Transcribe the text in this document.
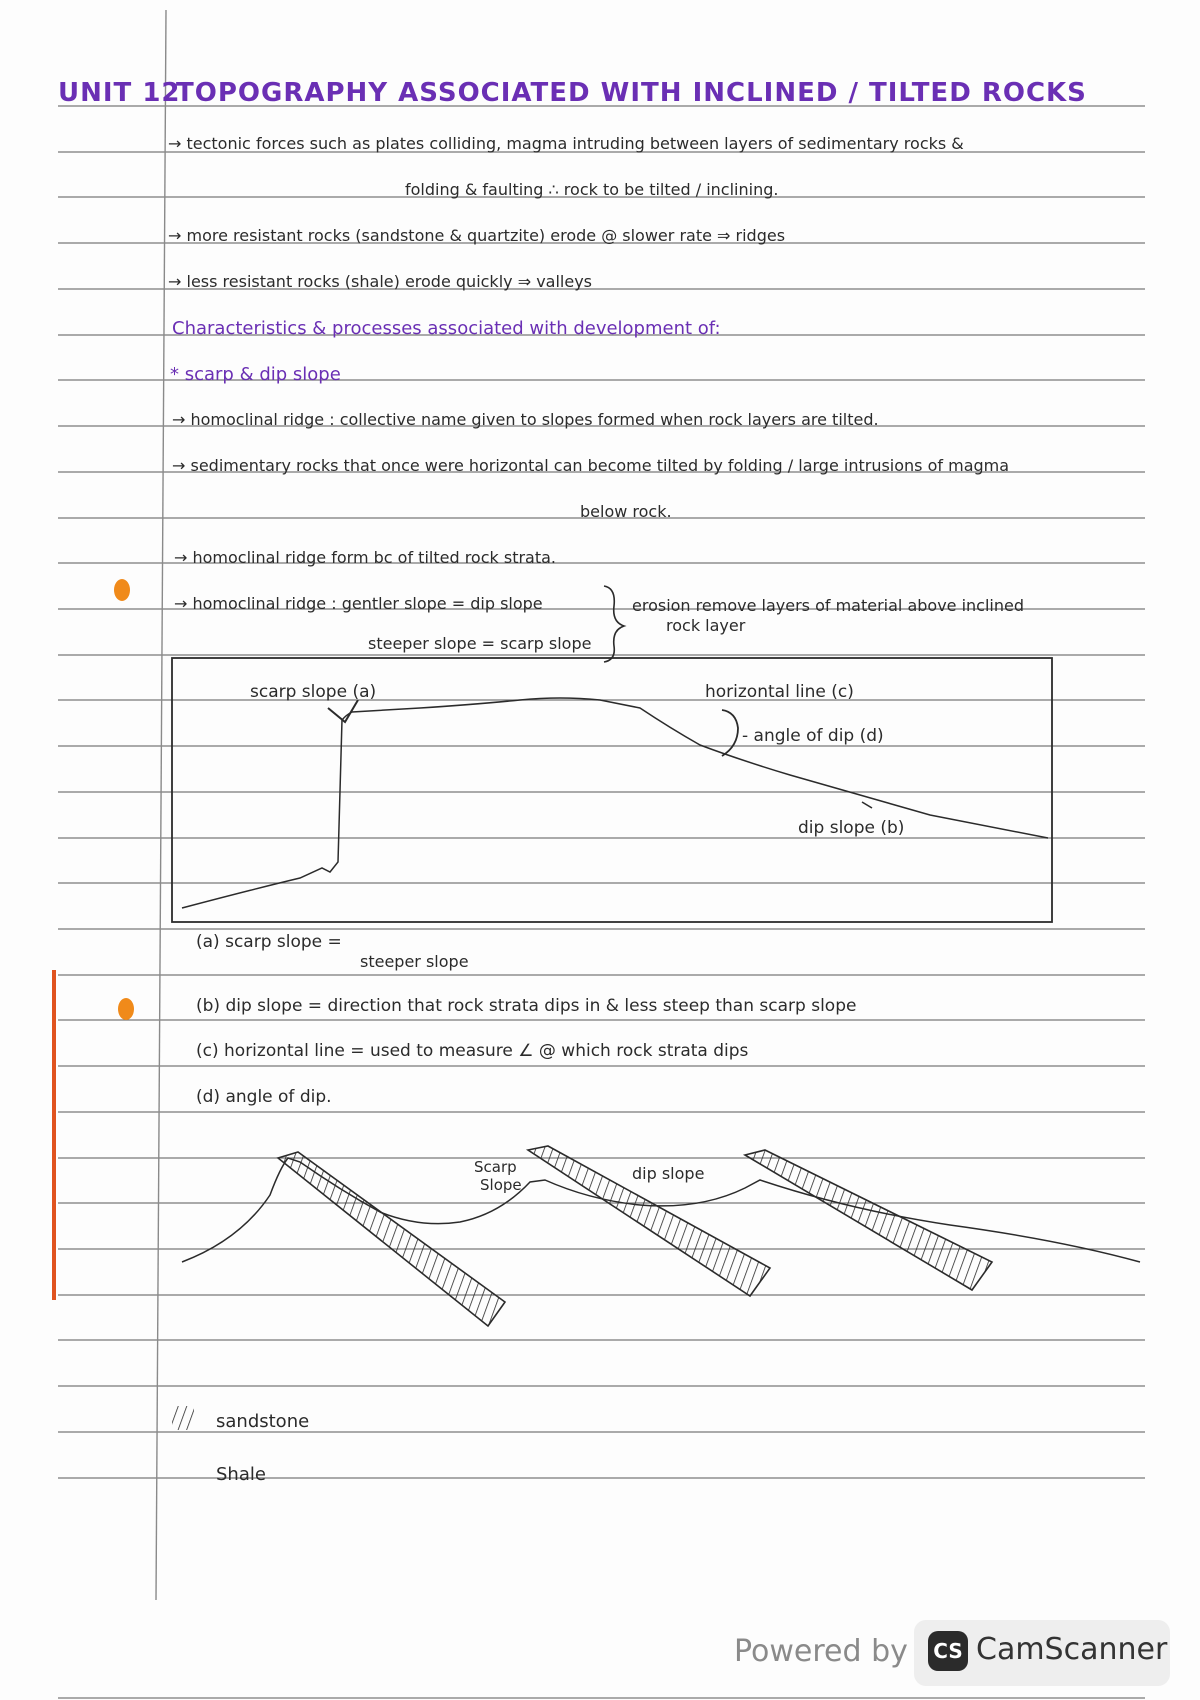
UNIT 12
TOPOGRAPHY ASSOCIATED WITH INCLINED / TILTED ROCKS
→ tectonic forces such as plates colliding, magma intruding between layers of sedimentary rocks &
folding & faulting ∴ rock to be tilted / inclining.
→ more resistant rocks (sandstone & quartzite) erode @ slower rate ⇒ ridges
→ less resistant rocks (shale) erode quickly ⇒ valleys
Characteristics & processes associated with development of:
* scarp & dip slope
→ homoclinal ridge : collective name given to slopes formed when rock layers are tilted.
→ sedimentary rocks that once were horizontal can become tilted by folding / large intrusions of magma
below rock.
→ homoclinal ridge form bc of tilted rock strata.
→ homoclinal ridge : gentler slope = dip slope
steeper slope = scarp slope
erosion remove layers of material above inclined
rock layer
scarp slope (a)	horizontal line (c)
- angle of dip (d)
dip slope (b)
(a) scarp slope =
steeper slope
(b) dip slope = direction that rock strata dips in & less steep than scarp slope
(c) horizontal line = used to measure ∠ @ which rock strata dips
(d) angle of dip.
Scarp
Slope
dip slope
sandstone
Shale
Powered by CS CamScanner
